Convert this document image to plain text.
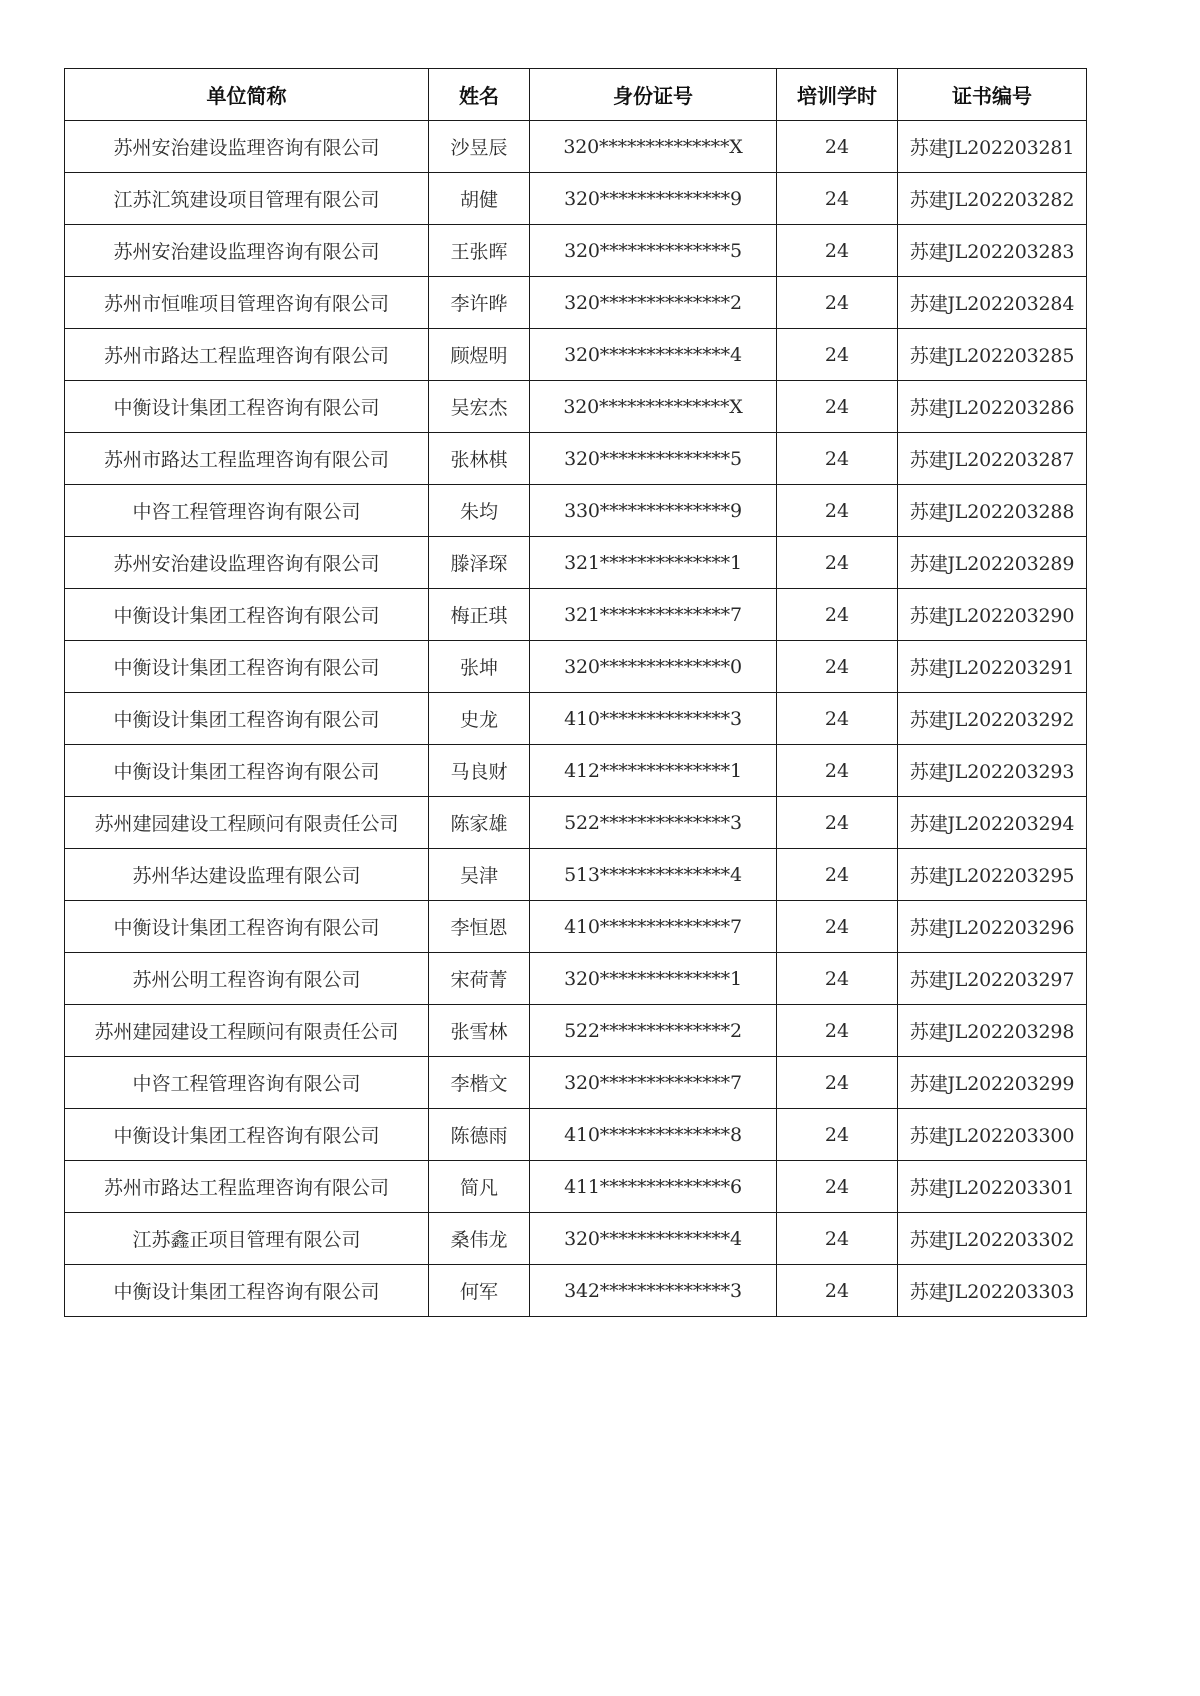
单位简称	姓名	身份证号	培训学时	证书编号
苏州安治建设监理咨询有限公司	沙昱辰	320**************X	24	苏建JL202203281
江苏汇筑建设项目管理有限公司	胡健	320**************9	24	苏建JL202203282
苏州安治建设监理咨询有限公司	王张晖	320**************5	24	苏建JL202203283
苏州市恒唯项目管理咨询有限公司	李许晔	320**************2	24	苏建JL202203284
苏州市路达工程监理咨询有限公司	顾煜明	320**************4	24	苏建JL202203285
中衡设计集团工程咨询有限公司	吴宏杰	320**************X	24	苏建JL202203286
苏州市路达工程监理咨询有限公司	张林棋	320**************5	24	苏建JL202203287
中咨工程管理咨询有限公司	朱均	330**************9	24	苏建JL202203288
苏州安治建设监理咨询有限公司	滕泽琛	321**************1	24	苏建JL202203289
中衡设计集团工程咨询有限公司	梅正琪	321**************7	24	苏建JL202203290
中衡设计集团工程咨询有限公司	张坤	320**************0	24	苏建JL202203291
中衡设计集团工程咨询有限公司	史龙	410**************3	24	苏建JL202203292
中衡设计集团工程咨询有限公司	马良财	412**************1	24	苏建JL202203293
苏州建园建设工程顾问有限责任公司	陈家雄	522**************3	24	苏建JL202203294
苏州华达建设监理有限公司	吴津	513**************4	24	苏建JL202203295
中衡设计集团工程咨询有限公司	李恒恩	410**************7	24	苏建JL202203296
苏州公明工程咨询有限公司	宋荷菁	320**************1	24	苏建JL202203297
苏州建园建设工程顾问有限责任公司	张雪林	522**************2	24	苏建JL202203298
中咨工程管理咨询有限公司	李楷文	320**************7	24	苏建JL202203299
中衡设计集团工程咨询有限公司	陈德雨	410**************8	24	苏建JL202203300
苏州市路达工程监理咨询有限公司	简凡	411**************6	24	苏建JL202203301
江苏鑫正项目管理有限公司	桑伟龙	320**************4	24	苏建JL202203302
中衡设计集团工程咨询有限公司	何军	342**************3	24	苏建JL202203303
